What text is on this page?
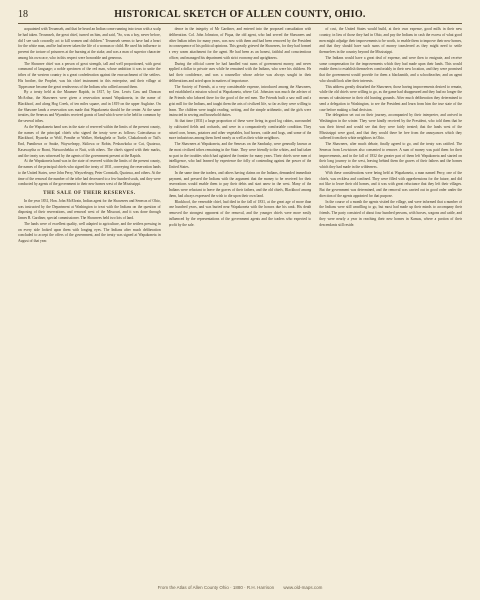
18	HISTORICAL SKETCH OF ALLEN COUNTY, OHIO.

acquainted with Tecumseh, and that he heard an Indian come running into town with a scalp he had taken. Tecumseh, the great chief, turned on him, and said, "So, was a boy, never before, did I see such cowardly act to kill women and children." Tecumseh seems to have had a heart for the white man, and he had never taken the life of a woman or child. He used his influence to prevent the torture of prisoners at the burning at the stake, and was a man of superior character among his own race, who in this respect were honorable and generous.

The Shawnee chief was a person of great strength, tall and well proportioned, with great command of language; a noble specimen of the red man, whose ambition it was to unite the tribes of the western country in a great confederation against the encroachment of the settlers. His brother, the Prophet, was his chief instrument in this enterprise, and their village at Tippecanoe became the great rendezvous of the Indians who rallied around them.

By a treaty held at the Maumee Rapids, in 1817, by Gen. Lewis Cass and Duncan McArthur, the Shawnees were given a reservation around Wapakoneta, in the name of Blackhoof, and along Hog Creek, of ten miles square, and in 1819 on the upper Auglaize. On the Shawnee lands a reservation was made that Wapakoneta should be the center. At the same treaties, the Senecas and Wyandots received grants of land which were to be held in common by the several tribes.

As the Wapakoneta band was in the state of reserved within the limits of the present county, the names of the principal chiefs who signed the treaty were as follows: Catecahassa or Blackhoof, Byaseka or Wolf, Pomthe or Walker, Shekaghela or Turtle, Chakalowah or Tail's End, Pamthewa or Snake, Wayweleapy, Skilowa or Robin, Peshawkoka or Cat, Quatawa, Kasawaytha or Brant, Nutwacshekka or Nutt, with others. The chiefs signed with their marks, and the treaty was witnessed by the agents of the government present at the Rapids.

At the Wapakoneta band was in the state of reserved within the limits of the present county, the names of the principal chiefs who signed the treaty of 1831, conveying the reservation lands to the United States, were John Perry, Wayweleapy, Peter Cornstalk, Quatawa, and others. At the time of the removal the number of the tribe had decreased to a few hundred souls, and they were conducted by agents of the government to their new homes west of the Mississippi.

THE SALE OF THEIR RESERVES.

In the year 1831, Hon. John McElvain, Indian agent for the Shawnees and Senecas of Ohio, was instructed by the Department at Washington to treat with the Indians on the question of disposing of their reservations, and removal west of the Missouri, and it was done through James B. Gardiner, special commissioner. The Shawnees held two lots of land.

The lands were of excellent quality, well adapted to agriculture, and the settlers pressing in on every side looked upon them with longing eyes. The Indians after much deliberation concluded to accept the offers of the government, and the treaty was signed at Wapakoneta in August of that year.

dence in the integrity of Mr Gardiner, and entered into the proposed consultation with deliberation. Col. John Johnston, of Piqua, the old agent, who had served the Shawnees and other Indian tribes for many years, was now with them and had been removed by the President in consequence of his political opinions. This greatly grieved the Shawnees, for they had formed a very warm attachment for the agent. He had been as an honest, faithful and conscientious officer, and managed his department with strict economy and uprightness.

During the official career he had handled vast sums of government money, and never applied a dollar to private uses while he remained with the Indians, who were his children. He had their confidence, and was a counsellor whose advice was always sought in their deliberations and acted upon in matters of importance.

The Society of Friends, at a very considerable expense, introduced among the Shawnees, and established a mission school at Wapakoneta, where Col. Johnston was much the adviser of the Friends who labored there for the good of the red men. The Friends built a saw mill and a grist mill for the Indians, and taught them the arts of civilized life, so far as they were willing to learn. The children were taught reading, writing, and the simple arithmetic, and the girls were instructed in sewing and household duties.

At that time (1831) a large proportion of these were living in good log cabins, surrounded by cultivated fields and orchards, and were in a comparatively comfortable condition. They raised corn, beans, potatoes and other vegetables, had horses, cattle and hogs, and some of the more industrious among them lived nearly as well as their white neighbors.

The Shawnees at Wapakoneta, and the Senecas on the Sandusky, were generally known as the most civilized tribes remaining in the State. They were friendly to the whites, and had taken no part in the troubles which had agitated the frontier for many years. Their chiefs were men of intelligence, who had learned by experience the folly of contending against the power of the United States.

In the same time the traders, and others having claims on the Indians, demanded immediate payment, and pressed the Indians with the argument that the money to be received for their reservations would enable them to pay their debts and start anew in the west. Many of the Indians were reluctant to leave the graves of their fathers, and the old chiefs, Blackhoof among them, had always expressed the wish to die upon their own land.

Blackhoof, the venerable chief, had died in the fall of 1831, at the great age of more than one hundred years, and was buried near Wapakoneta with the honors due his rank. His death removed the strongest opponent of the removal, and the younger chiefs were more easily influenced by the representations of the government agents and the traders who expected to profit by the sale.

of cost, the United States would build, at their own expense, good mills in their new country, in lieu of those they had in Ohio, and pay the Indians in cash the excess of what good men might adjudge their improvements to be worth, to enable them to improve their new homes, and that they should have such sums of money transferred as they might need to settle themselves in the country beyond the Mississippi.

The Indians would have a great deal of expense, and were then to emigrate, and receive some compensation for the improvements which they had made upon their lands. This would enable them to establish themselves comfortably in their new location, and they were promised that the government would provide for them a blacksmith, and a schoolteacher, and an agent who should look after their interests.

This address greatly disturbed the Shawnees; those having improvements desired to remain, while the old chiefs were willing to go, as the game had disappeared and they had no longer the means of subsistence in their old hunting grounds. After much deliberation they determined to send a delegation to Washington, to see the President and learn from him the true state of the case before making a final decision.

The delegation set out on their journey, accompanied by their interpreter, and arrived in Washington in the winter. They were kindly received by the President, who told them that he was their friend and would see that they were fairly treated; that the lands west of the Mississippi were good, and that they would there be free from the annoyances which they suffered from their white neighbors in Ohio.

The Shawnees, after much debate, finally agreed to go, and the treaty was ratified. The Senecas from Lewistown also consented to remove. A sum of money was paid them for their improvements, and in the fall of 1832 the greater part of them left Wapakoneta and started on their long journey to the west, leaving behind them the graves of their fathers and the homes which they had made in the wilderness.

With these considerations were being held at Wapakoneta, a man named Perry, one of the chiefs, was reckless and confined. They were filled with apprehensions for the future, and did not like to leave their old homes, and it was with great reluctance that they left their villages. But the government was determined, and the removal was carried out in good order under the direction of the agents appointed for that purpose.

In the course of a month the agents visited the village, and were informed that a number of the Indians were still unwilling to go, but most had made up their minds to accompany their friends. The party consisted of about four hundred persons, with horses, wagons and cattle, and they were nearly a year in reaching their new homes in Kansas, where a portion of their descendants still reside.

From the Atlas of Allen County Ohio · 1880 · R.H. Harrison www.old-maps.com
